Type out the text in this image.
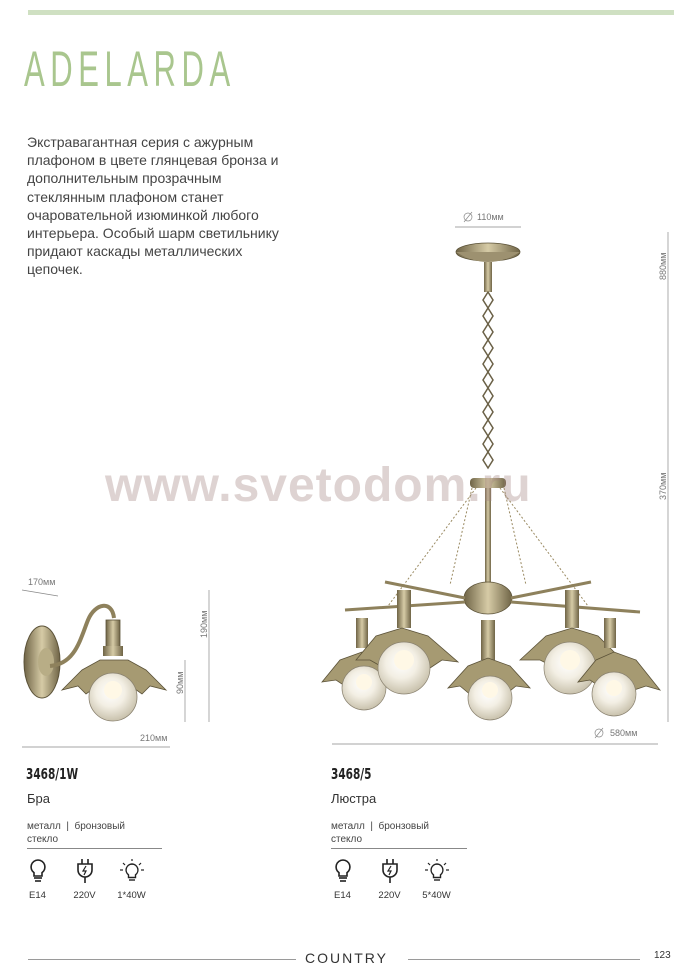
ADELARDA
Экстравагантная серия с ажурным плафоном в цвете глянцевая бронза и дополнительным прозрачным стеклянным плафоном станет очаровательной изюминкой любого интерьера. Особый шарм светильнику придают каскады металлических цепочек.
www.svetodom.ru
170мм
190мм
90мм
210мм
110мм
880мм
370мм
580мм
3468/1W
Бра
металл  |  бронзовый
стекло
E14	220V	1*40W
3468/5
Люстра
металл  |  бронзовый
стекло
E14	220V	5*40W
COUNTRY	123
